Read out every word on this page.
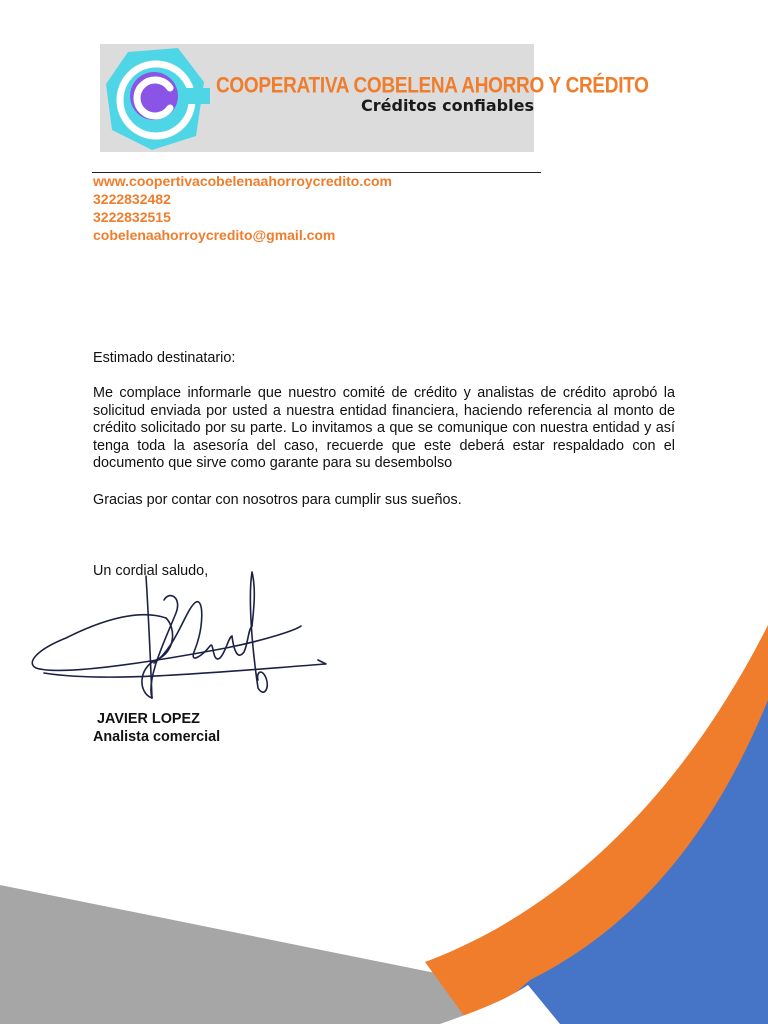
COOPERATIVA COBELENA AHORRO Y CRÉDITO
Créditos confiables
www.coopertivacobelenaahorroycredito.com
3222832482
3222832515
cobelenaahorroycredito@gmail.com
Estimado destinatario:
Me complace informarle que nuestro comité de crédito y analistas de crédito aprobó la solicitud enviada por usted a nuestra entidad financiera, haciendo referencia al monto de crédito solicitado por su parte. Lo invitamos a que se comunique con nuestra entidad y así tenga toda la asesoría del caso, recuerde que este deberá estar respaldado con el documento que sirve como garante para su desembolso
Gracias por contar con nosotros para cumplir sus sueños.
Un cordial saludo,
JAVIER LOPEZ
Analista comercial
